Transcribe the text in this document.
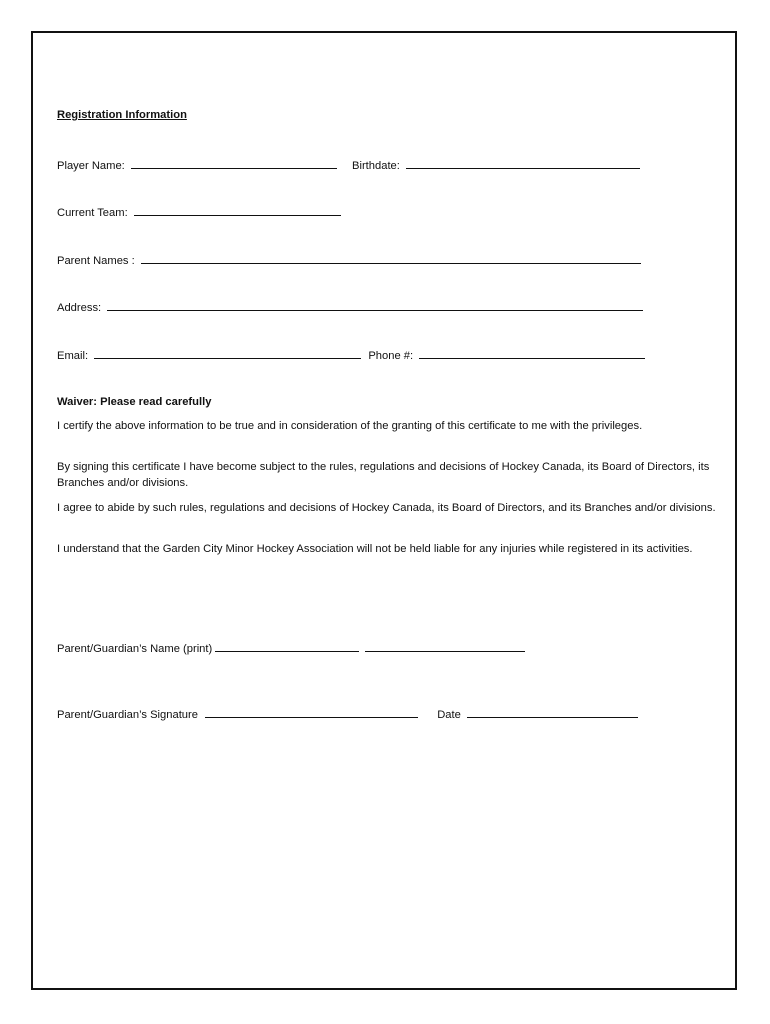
Registration Information
Player Name:	Birthdate:
Current Team:
Parent Names :
Address:
Email:	Phone #:
Waiver: Please read carefully
I certify the above information to be true and in consideration of the granting of this certificate to me with the privileges.
By signing this certificate I have become subject to the rules, regulations and decisions of Hockey Canada, its Board of Directors, its Branches and/or divisions.
I agree to abide by such rules, regulations and decisions of Hockey Canada, its Board of Directors, and its Branches and/or divisions.
I understand that the Garden City Minor Hockey Association will not be held liable for any injuries while registered in its activities.
Parent/Guardian’s Name (print)
Parent/Guardian’s Signature	Date
